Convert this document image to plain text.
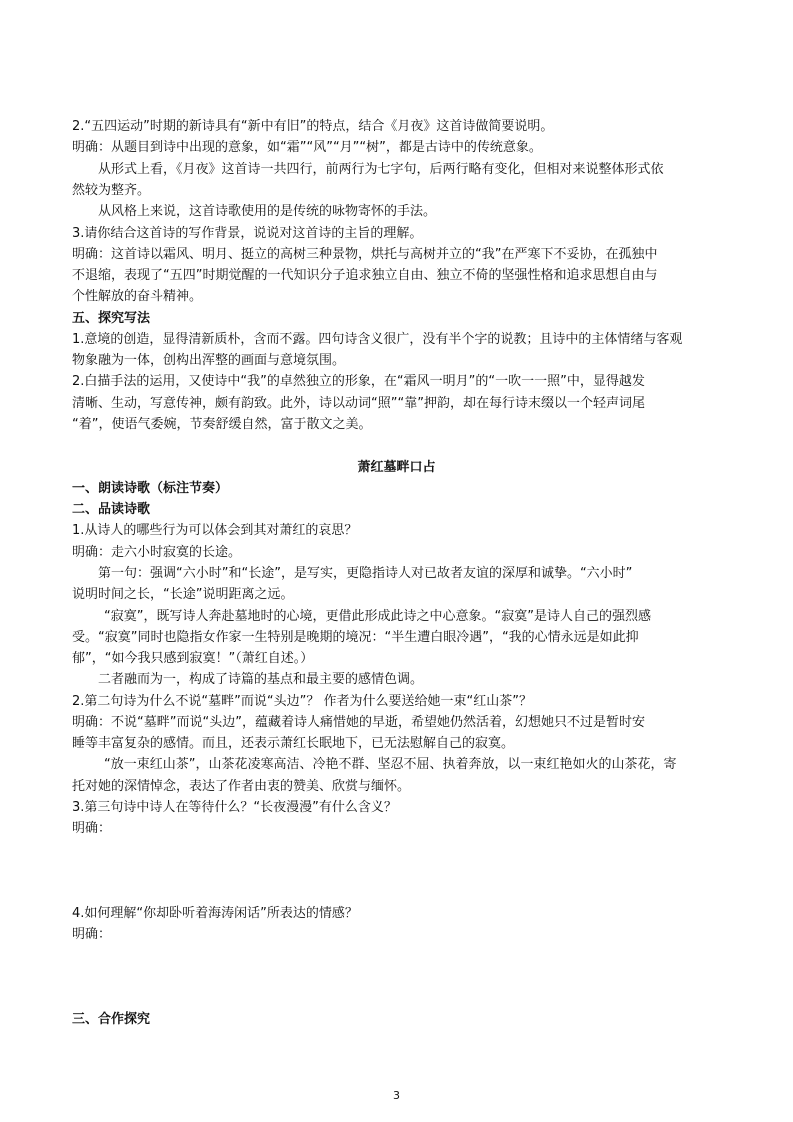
2.“五四运动”时期的新诗具有“新中有旧”的特点，结合《月夜》这首诗做简要说明。
明确：从题目到诗中出现的意象，如“霜”“风”“月”“树”，都是古诗中的传统意象。
从形式上看，《月夜》这首诗一共四行，前两行为七字句，后两行略有变化，但相对来说整体形式依
然较为整齐。
从风格上来说，这首诗歌使用的是传统的咏物寄怀的手法。
3.请你结合这首诗的写作背景，说说对这首诗的主旨的理解。
明确：这首诗以霜风、明月、挺立的高树三种景物，烘托与高树并立的“我”在严寒下不妥协，在孤独中
不退缩，表现了“五四”时期觉醒的一代知识分子追求独立自由、独立不倚的坚强性格和追求思想自由与
个性解放的奋斗精神。
五、探究写法
1.意境的创造，显得清新质朴，含而不露。四句诗含义很广，没有半个字的说教；且诗中的主体情绪与客观
物象融为一体，创构出浑整的画面与意境氛围。
2.白描手法的运用，又使诗中“我”的卓然独立的形象，在“霜风一明月”的“一吹一一照”中，显得越发
清晰、生动，写意传神，颇有韵致。此外，诗以动词“照”“靠”押韵，却在每行诗末缀以一个轻声词尾
“着”，使语气委婉，节奏舒缓自然，富于散文之美。
萧红墓畔口占
一、朗读诗歌（标注节奏）
二、品读诗歌
1.从诗人的哪些行为可以体会到其对萧红的哀思？
明确：走六小时寂寞的长途。
第一句：强调“六小时”和“长途”，是写实，更隐指诗人对已故者友谊的深厚和诚挚。“六小时”
说明时间之长，“长途”说明距离之远。
“寂寞”，既写诗人奔赴墓地时的心境，更借此形成此诗之中心意象。“寂寞”是诗人自己的强烈感
受。“寂寞”同时也隐指女作家一生特别是晚期的境况：“半生遭白眼冷遇”，“我的心情永远是如此抑
郁”，“如今我只感到寂寞！”（萧红自述。）
二者融而为一，构成了诗篇的基点和最主要的感情色调。
2.第二句诗为什么不说“墓畔”而说“头边”？ 作者为什么要送给她一束“红山茶”？
明确：不说“墓畔”而说“头边”，蕴藏着诗人痛惜她的早逝，希望她仍然活着，幻想她只不过是暂时安
睡等丰富复杂的感情。而且，还表示萧红长眠地下，已无法慰解自己的寂寞。
“放一束红山茶”，山茶花凌寒高洁、冷艳不群、坚忍不屈、执着奔放，以一束红艳如火的山茶花，寄
托对她的深情悼念，表达了作者由衷的赞美、欣赏与缅怀。
3.第三句诗中诗人在等待什么？“长夜漫漫”有什么含义？
明确：
4.如何理解“你却卧听着海涛闲话”所表达的情感？
明确：
三、合作探究
3
